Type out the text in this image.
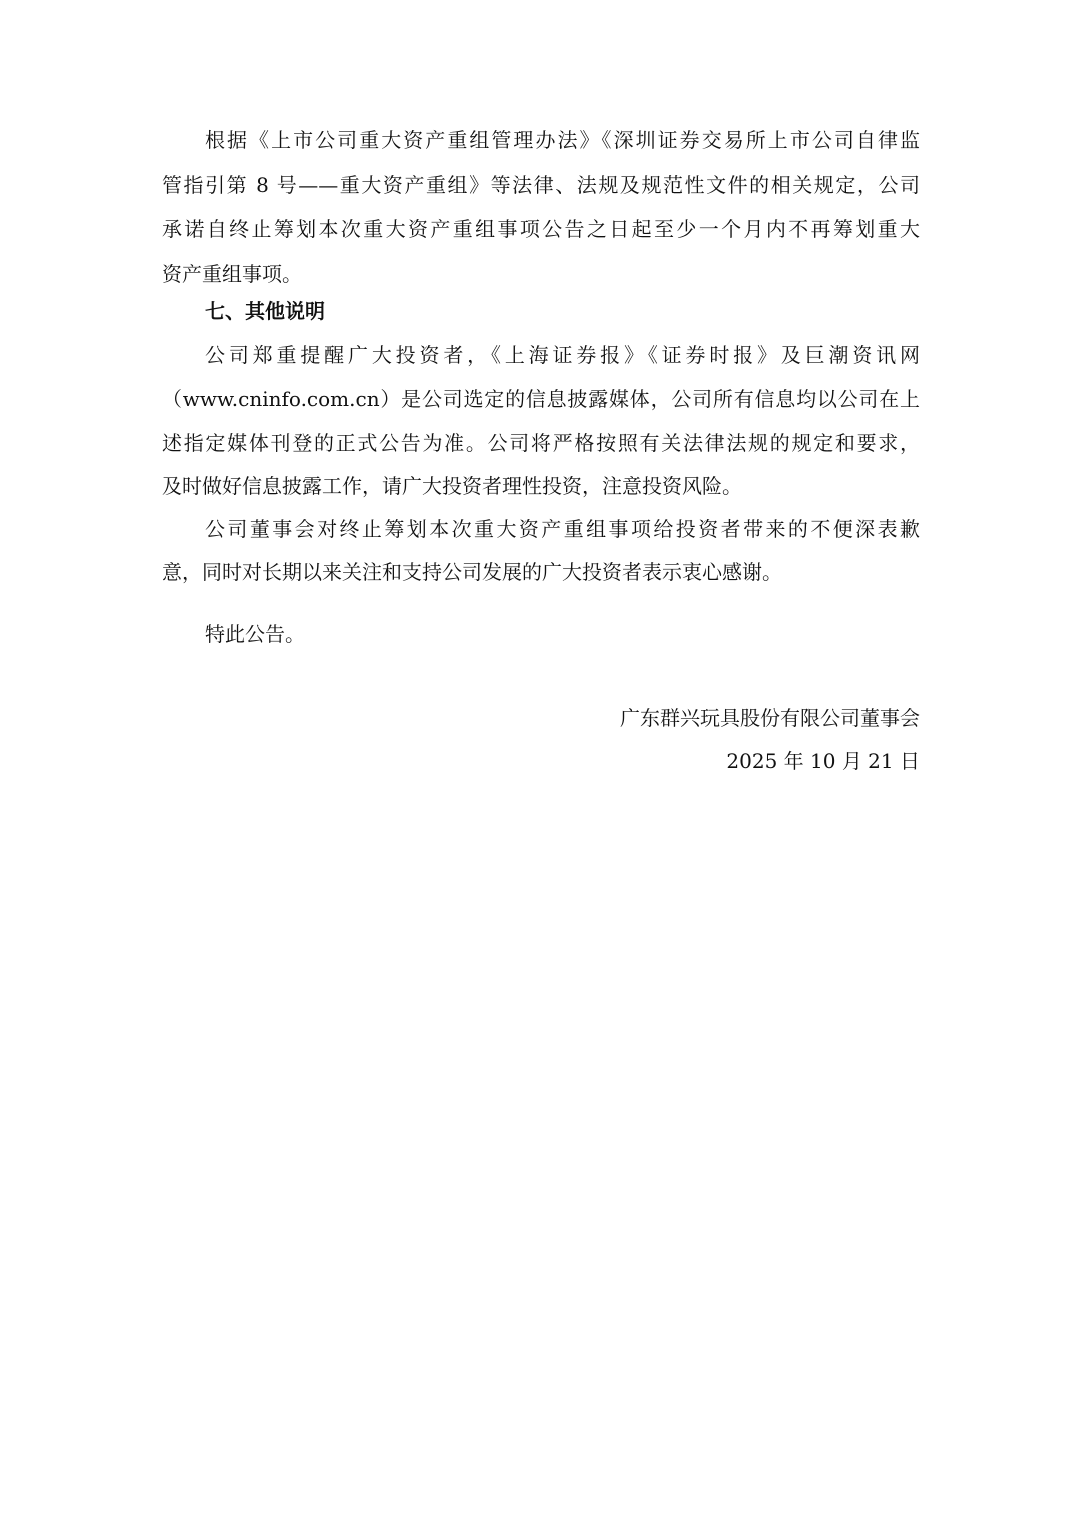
根据《上市公司重大资产重组管理办法》《深圳证券交易所上市公司自律监
管指引第 8 号——重大资产重组》等法律、法规及规范性文件的相关规定，公司
承诺自终止筹划本次重大资产重组事项公告之日起至少一个月内不再筹划重大
资产重组事项。
七、其他说明
公司郑重提醒广大投资者，《上海证券报》《证券时报》及巨潮资讯网
（www.cninfo.com.cn）是公司选定的信息披露媒体，公司所有信息均以公司在上
述指定媒体刊登的正式公告为准。公司将严格按照有关法律法规的规定和要求，
及时做好信息披露工作，请广大投资者理性投资，注意投资风险。
公司董事会对终止筹划本次重大资产重组事项给投资者带来的不便深表歉
意，同时对长期以来关注和支持公司发展的广大投资者表示衷心感谢。
特此公告。
广东群兴玩具股份有限公司董事会
2025 年 10 月 21 日
